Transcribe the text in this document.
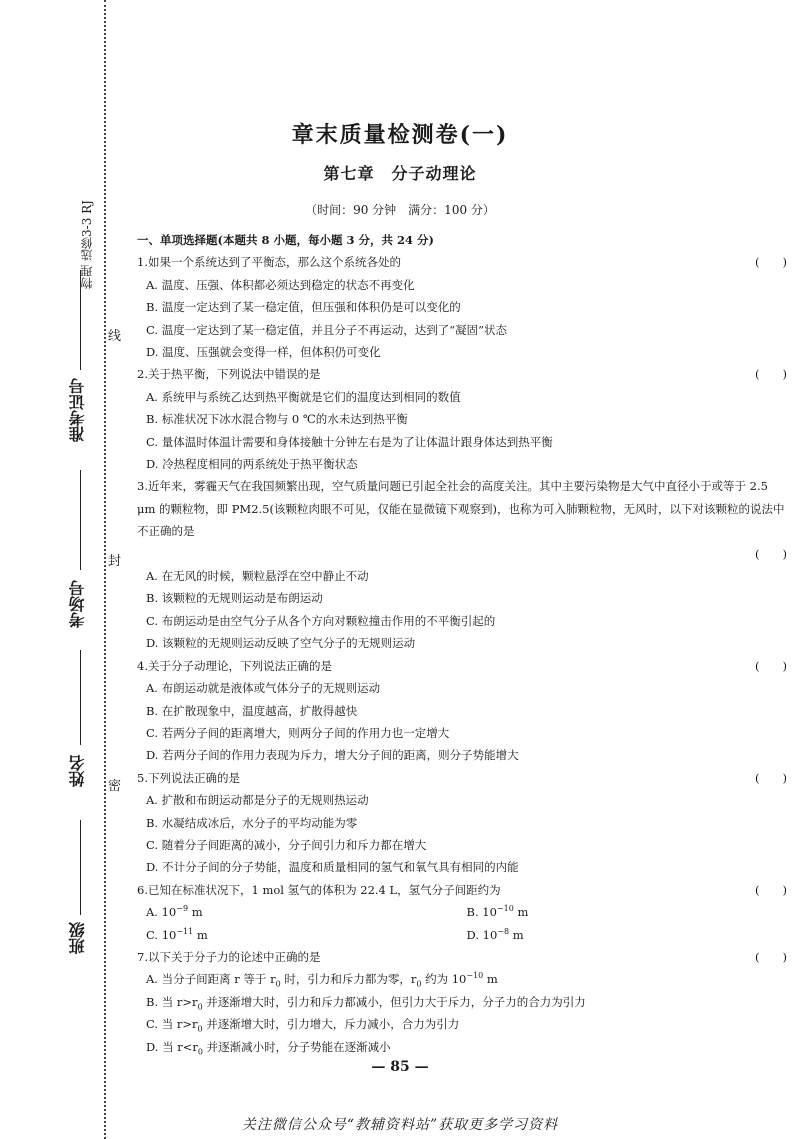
物理 选修3-3 RJ
准考证号
考场号
姓名
班级
线
封
密
章末质量检测卷(一)
第七章　分子动理论
（时间：90 分钟　满分：100 分）
一、单项选择题(本题共 8 小题，每小题 3 分，共 24 分)
1.如果一个系统达到了平衡态，那么这个系统各处的	(　　)
A. 温度、压强、体积都必须达到稳定的状态不再变化
B. 温度一定达到了某一稳定值，但压强和体积仍是可以变化的
C. 温度一定达到了某一稳定值，并且分子不再运动，达到了“凝固”状态
D. 温度、压强就会变得一样，但体积仍可变化
2.关于热平衡，下列说法中错误的是	(　　)
A. 系统甲与系统乙达到热平衡就是它们的温度达到相同的数值
B. 标准状况下冰水混合物与 0 ℃的水未达到热平衡
C. 量体温时体温计需要和身体接触十分钟左右是为了让体温计跟身体达到热平衡
D. 冷热程度相同的两系统处于热平衡状态
3.近年来，雾霾天气在我国频繁出现，空气质量问题已引起全社会的高度关注。其中主要污染物是大气中直径小于或等于 2.5 μm 的颗粒物，即 PM2.5(该颗粒肉眼不可见，仅能在显微镜下观察到)，也称为可入肺颗粒物，无风时，以下对该颗粒的说法中不正确的是
(　　)
A. 在无风的时候，颗粒悬浮在空中静止不动
B. 该颗粒的无规则运动是布朗运动
C. 布朗运动是由空气分子从各个方向对颗粒撞击作用的不平衡引起的
D. 该颗粒的无规则运动反映了空气分子的无规则运动
4.关于分子动理论，下列说法正确的是	(　　)
A. 布朗运动就是液体或气体分子的无规则运动
B. 在扩散现象中，温度越高，扩散得越快
C. 若两分子间的距离增大，则两分子间的作用力也一定增大
D. 若两分子间的作用力表现为斥力，增大分子间的距离，则分子势能增大
5.下列说法正确的是	(　　)
A. 扩散和布朗运动都是分子的无规则热运动
B. 水凝结成冰后，水分子的平均动能为零
C. 随着分子间距离的减小，分子间引力和斥力都在增大
D. 不计分子间的分子势能，温度和质量相同的氢气和氧气具有相同的内能
6.已知在标准状况下，1 mol 氢气的体积为 22.4 L，氢气分子间距约为	(　　)
A. $10^{-9}$ m	B. $10^{-10}$ m
C. $10^{-11}$ m	D. $10^{-8}$ m
7.以下关于分子力的论述中正确的是	(　　)
A. 当分子间距离 r 等于 $r_0$ 时，引力和斥力都为零，$r_0$ 约为 $10^{-10}$ m
B. 当 $r>r_0$ 并逐渐增大时，引力和斥力都减小，但引力大于斥力，分子力的合力为引力
C. 当 $r>r_0$ 并逐渐增大时，引力增大，斥力减小，合力为引力
D. 当 $r<r_0$ 并逐渐减小时，分子势能在逐渐减小
— 85 —
关注微信公众号“教辅资料站”获取更多学习资料
